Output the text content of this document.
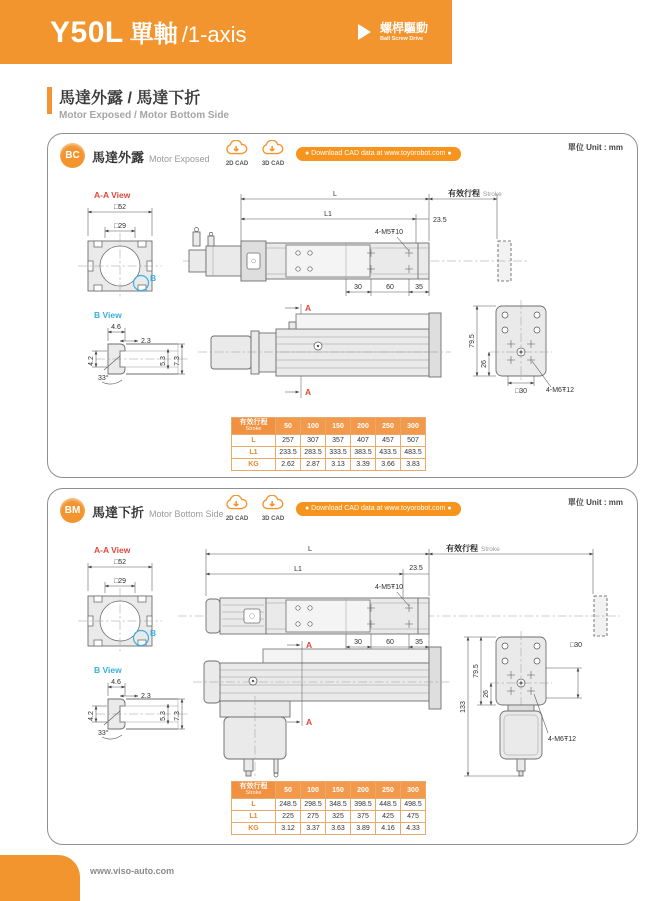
Y50L 單軸 /1-axis	螺桿驅動
Ball Screw Drive
馬達外露 / 馬達下折
Motor Exposed / Motor Bottom Side
BC 馬達外露 Motor Exposed	2D CAD	3D CAD
● Download CAD data at www.toyorobot.com ●
單位 Unit : mm
A-A View
□52
□29
B
B View
4.6
2.3
4.2	5.3 7.3
33°
L
L1
23.5
有效行程 Stroke
4-M5Ŧ10
30	60	35
A
A
79.5
26
□30	4-M6Ŧ12
有效行程
Stroke	50	100	150	200	250	300
L	257	307	357	407	457	507
L1	233.5	283.5	333.5	383.5	433.5	483.5
KG	2.62	2.87	3.13	3.39	3.66	3.83
BM 馬達下折 Motor Bottom Side 2D CAD	3D CAD
● Download CAD data at www.toyorobot.com ●
單位 Unit : mm
A-A View
□52
□29
B
B View
4.6
2.3
4.2	5.3 7.3
33°
L
L1	23.5
有效行程 Stroke
4-M5Ŧ10
30	60	35
A
A
133
79.5
26
□30
4-M6Ŧ12
有效行程
Stroke	50	100	150	200	250	300
L	248.5	298.5	348.5	398.5	448.5	498.5
L1	225	275	325	375	425	475
KG	3.12	3.37	3.63	3.89	4.16	4.33
www.viso-auto.com
